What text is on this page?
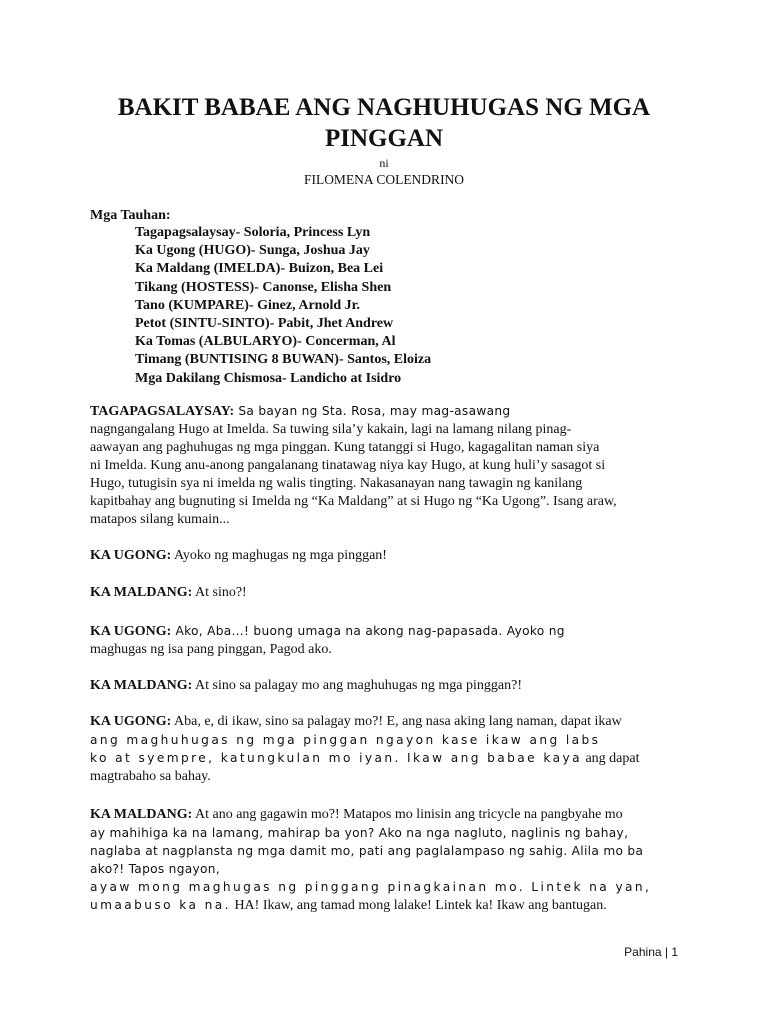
BAKIT BABAE ANG NAGHUHUGAS NG MGA
PINGGAN
ni
FILOMENA COLENDRINO
Mga Tauhan:
Tagapagsalaysay- Soloria, Princess Lyn
Ka Ugong (HUGO)- Sunga, Joshua Jay
Ka Maldang (IMELDA)- Buizon, Bea Lei
Tikang (HOSTESS)- Canonse, Elisha Shen
Tano (KUMPARE)- Ginez, Arnold Jr.
Petot (SINTU-SINTO)- Pabit, Jhet Andrew
Ka Tomas (ALBULARYO)- Concerman, Al
Timang (BUNTISING 8 BUWAN)- Santos, Eloiza
Mga Dakilang Chismosa- Landicho at Isidro
TAGAPAGSALAYSAY: Sa bayan ng Sta. Rosa, may mag-asawang
nagngangalang Hugo at Imelda. Sa tuwing sila’y kakain, lagi na lamang nilang pinag-
aawayan ang paghuhugas ng mga pinggan. Kung tatanggi si Hugo, kagagalitan naman siya
ni Imelda. Kung anu-anong pangalanang tinatawag niya kay Hugo, at kung huli’y sasagot si
Hugo, tutugisin sya ni imelda ng walis tingting. Nakasanayan nang tawagin ng kanilang
kapitbahay ang bugnuting si Imelda ng “Ka Maldang” at si Hugo ng “Ka Ugong”. Isang araw,
matapos silang kumain...
KA UGONG: Ayoko ng maghugas ng mga pinggan!
KA MALDANG: At sino?!
KA UGONG: Ako, Aba…! buong umaga na akong nag-papasada. Ayoko ng
maghugas ng isa pang pinggan, Pagod ako.
KA MALDANG: At sino sa palagay mo ang maghuhugas ng mga pinggan?!
KA UGONG: Aba, e, di ikaw, sino sa palagay mo?! E, ang nasa aking lang naman, dapat ikaw
ang maghuhugas ng mga pinggan ngayon kase ikaw ang labs
ko at syempre, katungkulan mo iyan. Ikaw ang babae kaya ang dapat
magtrabaho sa bahay.
KA MALDANG: At ano ang gagawin mo?! Matapos mo linisin ang tricycle na pangbyahe mo
ay mahihiga ka na lamang, mahirap ba yon? Ako na nga nagluto, naglinis ng bahay,
naglaba at nagplansta ng mga damit mo, pati ang paglalampaso ng sahig. Alila mo ba
ako?! Tapos ngayon,
ayaw mong maghugas ng pinggang pinagkainan mo. Lintek na yan,
umaabuso ka na. HA! Ikaw, ang tamad mong lalake! Lintek ka! Ikaw ang bantugan.
Pahina | 1
